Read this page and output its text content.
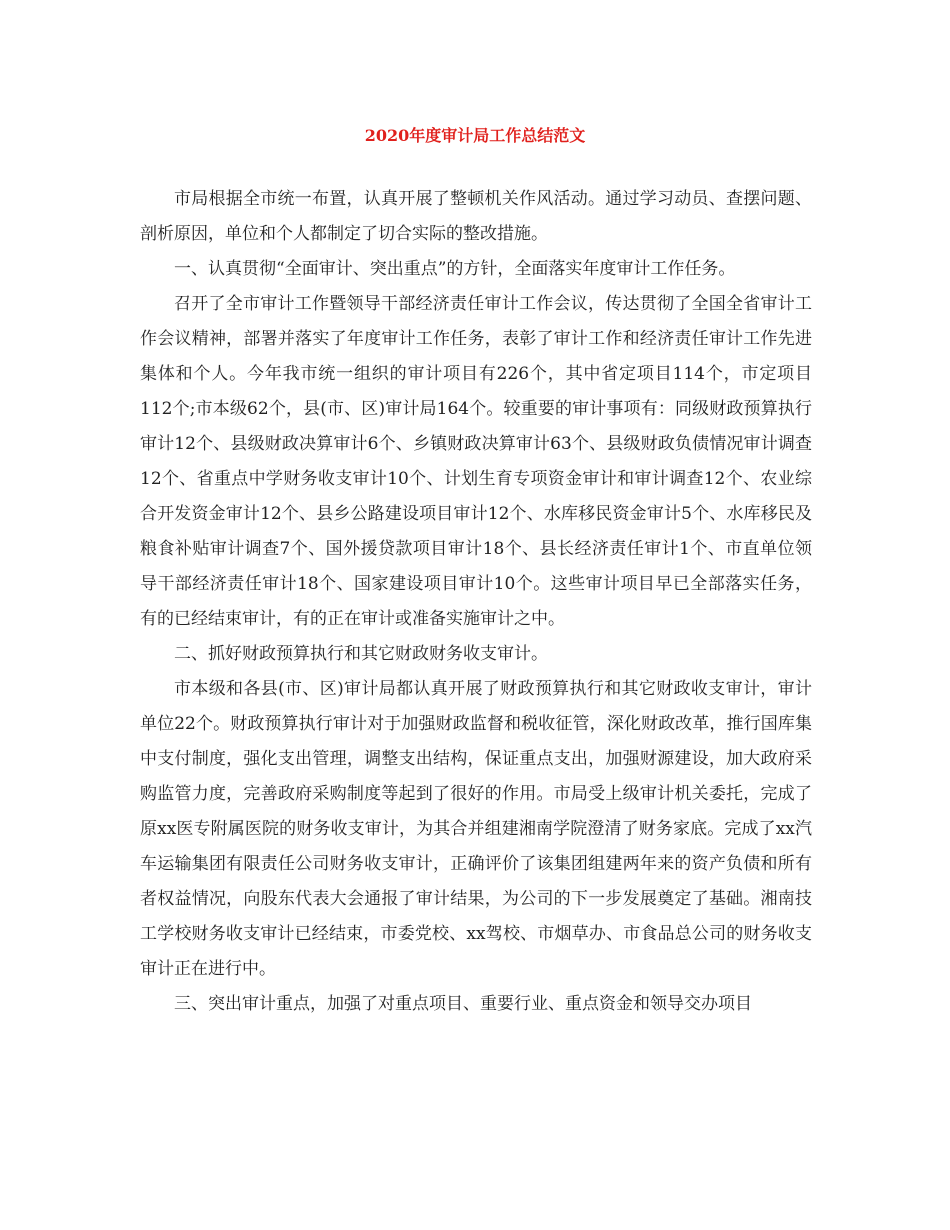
2020年度审计局工作总结范文

市局根据全市统一布置，认真开展了整顿机关作风活动。通过学习动员、查摆问题、剖析原因，单位和个人都制定了切合实际的整改措施。

一、认真贯彻“全面审计、突出重点”的方针，全面落实年度审计工作任务。

召开了全市审计工作暨领导干部经济责任审计工作会议，传达贯彻了全国全省审计工作会议精神，部署并落实了年度审计工作任务，表彰了审计工作和经济责任审计工作先进集体和个人。今年我市统一组织的审计项目有226个，其中省定项目114个，市定项目112个;市本级62个，县(市、区)审计局164个。较重要的审计事项有：同级财政预算执行审计12个、县级财政决算审计6个、乡镇财政决算审计63个、县级财政负债情况审计调查12个、省重点中学财务收支审计10个、计划生育专项资金审计和审计调查12个、农业综合开发资金审计12个、县乡公路建设项目审计12个、水库移民资金审计5个、水库移民及粮食补贴审计调查7个、国外援贷款项目审计18个、县长经济责任审计1个、市直单位领导干部经济责任审计18个、国家建设项目审计10个。这些审计项目早已全部落实任务，有的已经结束审计，有的正在审计或准备实施审计之中。

二、抓好财政预算执行和其它财政财务收支审计。

市本级和各县(市、区)审计局都认真开展了财政预算执行和其它财政收支审计，审计单位22个。财政预算执行审计对于加强财政监督和税收征管，深化财政改革，推行国库集中支付制度，强化支出管理，调整支出结构，保证重点支出，加强财源建设，加大政府采购监管力度，完善政府采购制度等起到了很好的作用。市局受上级审计机关委托，完成了原xx医专附属医院的财务收支审计，为其合并组建湘南学院澄清了财务家底。完成了xx汽车运输集团有限责任公司财务收支审计，正确评价了该集团组建两年来的资产负债和所有者权益情况，向股东代表大会通报了审计结果，为公司的下一步发展奠定了基础。湘南技工学校财务收支审计已经结束，市委党校、xx驾校、市烟草办、市食品总公司的财务收支审计正在进行中。

三、突出审计重点，加强了对重点项目、重要行业、重点资金和领导交办项目
